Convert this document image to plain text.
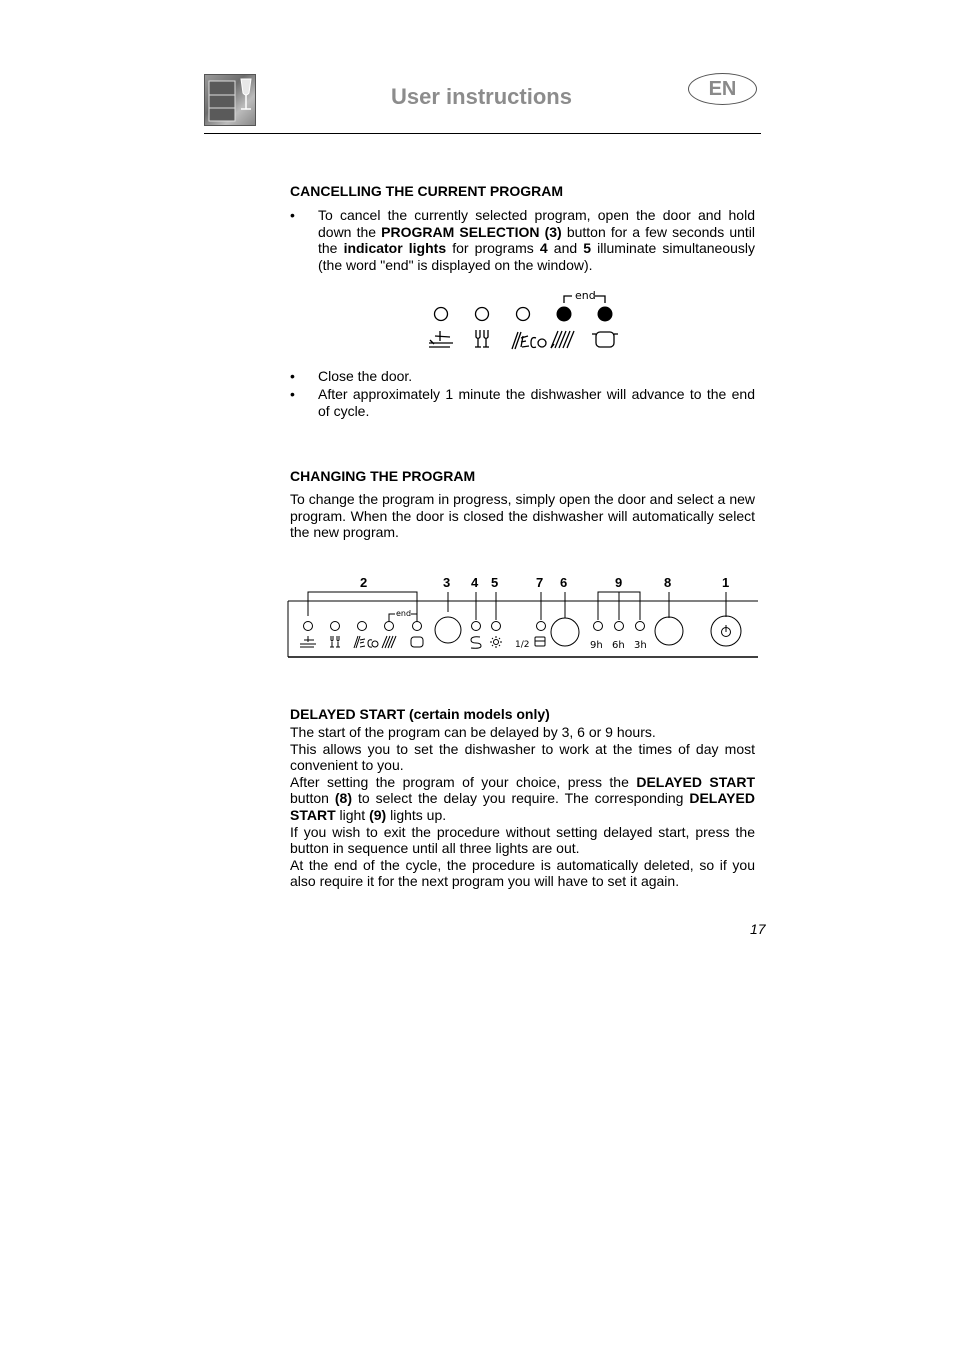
User instructions	EN
CANCELLING THE CURRENT PROGRAM
• To cancel the currently selected program, open the door and hold down the PROGRAM SELECTION (3) button for a few seconds until the indicator lights for programs 4 and 5 illuminate simultaneously (the word "end" is displayed on the window).
end
• Close the door.
• After approximately 1 minute the dishwasher will advance to the end of cycle.
CHANGING THE PROGRAM
To change the program in progress, simply open the door and select a new program. When the door is closed the dishwasher will automatically select the new program.
2	3 4 5	7 6	9	8	1
end
1/2	9h 6h 3h
DELAYED START (certain models only)
The start of the program can be delayed by 3, 6 or 9 hours.
This allows you to set the dishwasher to work at the times of day most convenient to you.
After setting the program of your choice, press the DELAYED START button (8) to select the delay you require. The corresponding DELAYED START light (9) lights up.
If you wish to exit the procedure without setting delayed start, press the button in sequence until all three lights are out.
At the end of the cycle, the procedure is automatically deleted, so if you also require it for the next program you will have to set it again.
17
